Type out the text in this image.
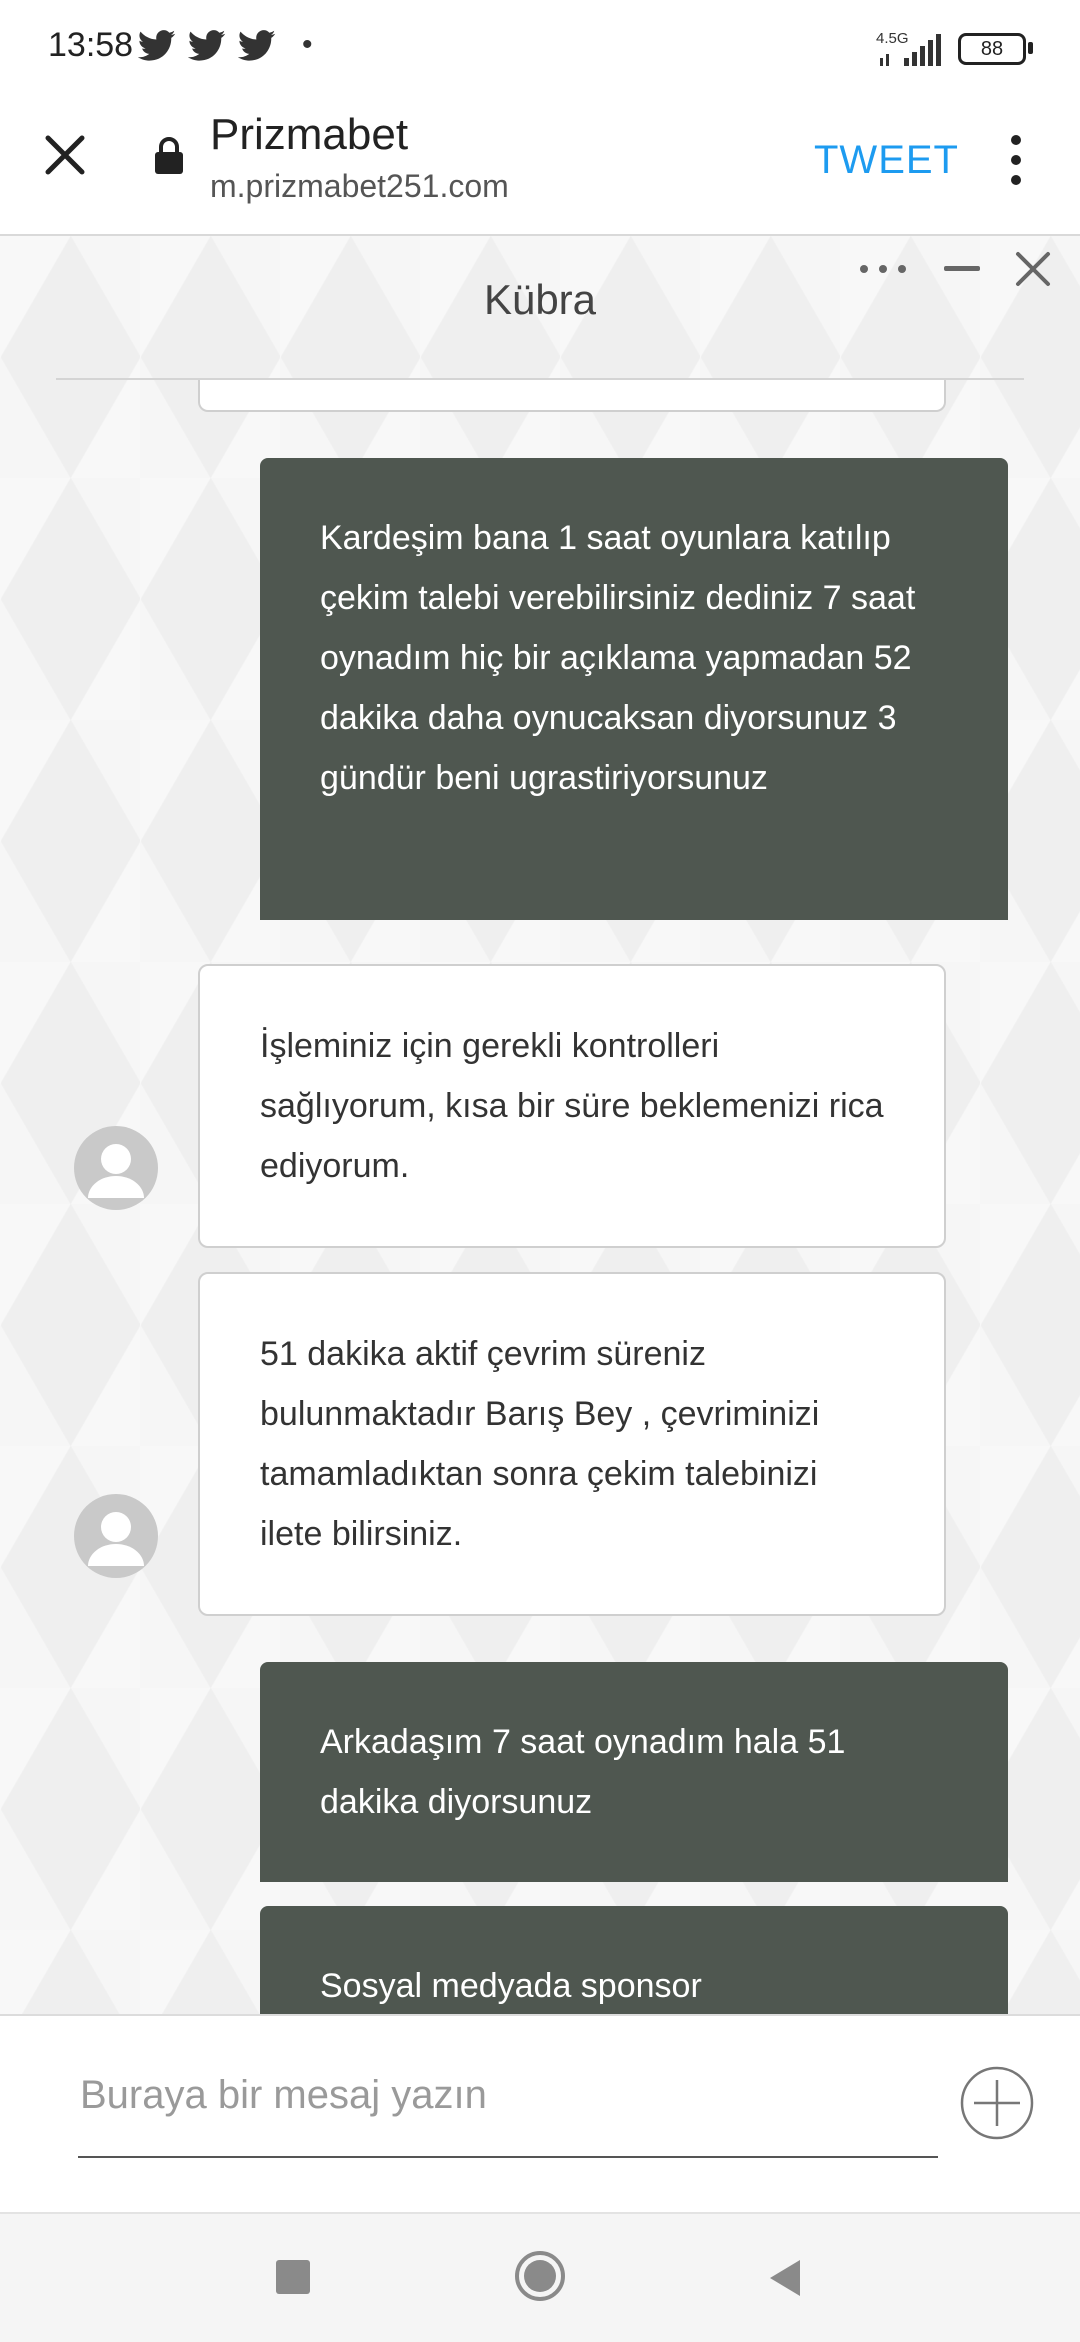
13:58	•	4.5G	88
Prizmabet
m.prizmabet251.com
TWEET
Kübra
Kardeşim bana 1 saat oyunlara katılıp çekim talebi verebilirsiniz dediniz 7 saat oynadım hiç bir açıklama yapmadan 52 dakika daha oynucaksan diyorsunuz 3 gündür beni ugrastiriyorsunuz
İşleminiz için gerekli kontrolleri sağlıyorum, kısa bir süre beklemenizi rica ediyorum.
51 dakika aktif çevrim süreniz bulunmaktadır Barış Bey , çevriminizi tamamladıktan sonra çekim talebinizi ilete bilirsiniz.
Arkadaşım 7 saat oynadım hala 51 dakika diyorsunuz
Sosyal medyada sponsor
Buraya bir mesaj yazın
